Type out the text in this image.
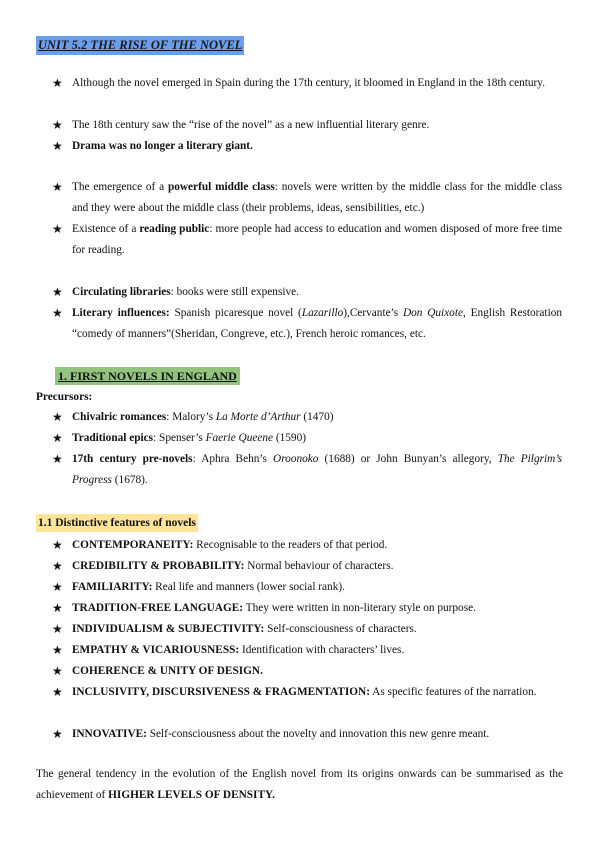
UNIT 5.2 THE RISE OF THE NOVEL
★ Although the novel emerged in Spain during the 17th century, it bloomed in England in the 18th century.
★ The 18th century saw the “rise of the novel” as a new influential literary genre.
★ Drama was no longer a literary giant.
★ The emergence of a powerful middle class: novels were written by the middle class for the middle class and they were about the middle class (their problems, ideas, sensibilities, etc.)
★ Existence of a reading public: more people had access to education and women disposed of more free time for reading.
★ Circulating libraries: books were still expensive.
★ Literary influences: Spanish picaresque novel (Lazarillo),Cervante’s Don Quixote, English Restoration “comedy of manners”(Sheridan, Congreve, etc.), French heroic romances, etc.
1. FIRST NOVELS IN ENGLAND
Precursors:
★ Chivalric romances: Malory’s La Morte d’Arthur (1470)
★ Traditional epics: Spenser’s Faerie Queene (1590)
★ 17th century pre-novels: Aphra Behn’s Oroonoko (1688) or John Bunyan’s allegory, The Pilgrim’s Progress (1678).
1.1 Distinctive features of novels
★ CONTEMPORANEITY: Recognisable to the readers of that period.
★ CREDIBILITY & PROBABILITY: Normal behaviour of characters.
★ FAMILIARITY: Real life and manners (lower social rank).
★ TRADITION-FREE LANGUAGE: They were written in non-literary style on purpose.
★ INDIVIDUALISM & SUBJECTIVITY: Self-consciousness of characters.
★ EMPATHY & VICARIOUSNESS: Identification with characters’ lives.
★ COHERENCE & UNITY OF DESIGN.
★ INCLUSIVITY, DISCURSIVENESS & FRAGMENTATION: As specific features of the narration.
★ INNOVATIVE: Self-consciousness about the novelty and innovation this new genre meant.
The general tendency in the evolution of the English novel from its origins onwards can be summarised as the achievement of HIGHER LEVELS OF DENSITY.
